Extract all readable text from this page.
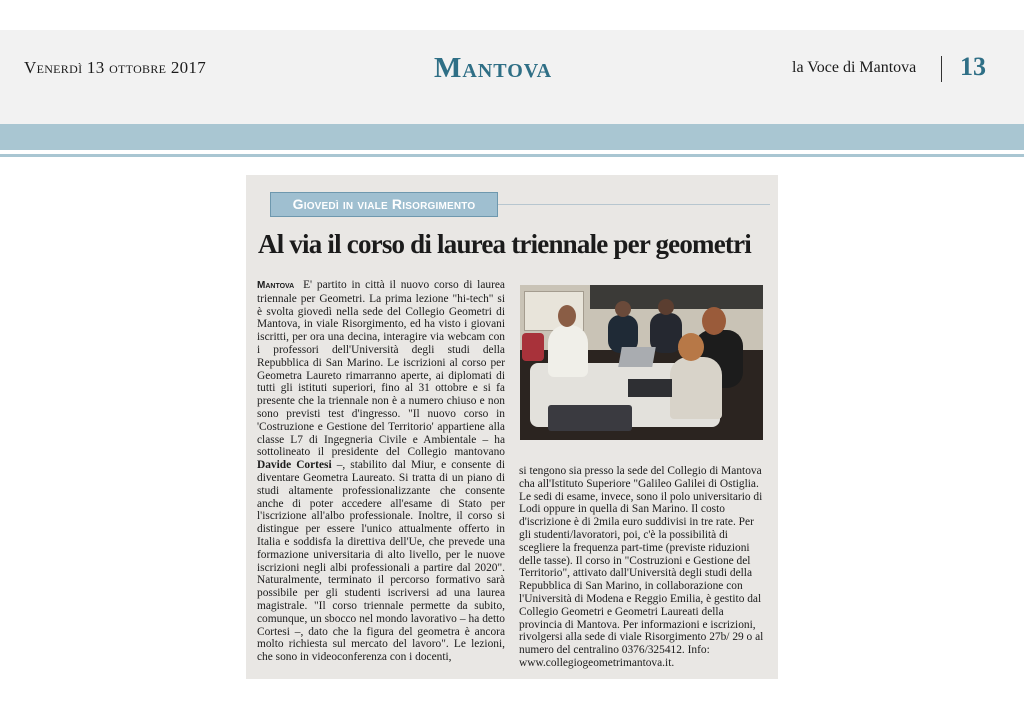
Venerdì 13 ottobre 2017	Mantova	la Voce di Mantova 13
Giovedì in viale Risorgimento
Al via il corso di laurea triennale per geometri
Mantova E' partito in città il nuovo corso di laurea triennale per Geometri. La prima lezione "hi-tech" si è svolta giovedì nella sede del Collegio Geometri di Mantova, in viale Risorgimento, ed ha visto i giovani iscritti, per ora una decina, interagire via webcam con i professori dell'Università degli studi della Repubblica di San Marino. Le iscrizioni al corso per Geometra Laureto rimarranno aperte, ai diplomati di tutti gli istituti superiori, fino al 31 ottobre e si fa presente che la triennale non è a numero chiuso e non sono previsti test d'ingresso. "Il nuovo corso in 'Costruzione e Gestione del Territorio' appartiene alla classe L7 di Ingegneria Civile e Ambientale – ha sottolineato il presidente del Collegio mantovano Davide Cortesi –, stabilito dal Miur, e consente di diventare Geometra Laureato. Si tratta di un piano di studi altamente professionalizzante che consente anche di poter accedere all'esame di Stato per l'iscrizione all'albo professionale. Inoltre, il corso si distingue per essere l'unico attualmente offerto in Italia e soddisfa la direttiva dell'Ue, che prevede una formazione universitaria di alto livello, per le nuove iscrizioni negli albi professionali a partire dal 2020". Naturalmente, terminato il percorso formativo sarà possibile per gli studenti iscriversi ad una laurea magistrale. "Il corso triennale permette da subito, comunque, un sbocco nel mondo lavorativo – ha detto Cortesi –, dato che la figura del geometra è ancora molto richiesta sul mercato del lavoro". Le lezioni, che sono in videoconferenza con i docenti,
si tengono sia presso la sede del Collegio di Mantova cha all'Istituto Superiore "Galileo Galilei di Ostiglia. Le sedi di esame, invece, sono il polo universitario di Lodi oppure in quella di San Marino. Il costo d'iscrizione è di 2mila euro suddivisi in tre rate. Per gli studenti/lavoratori, poi, c'è la possibilità di scegliere la frequenza part-time (previste riduzioni delle tasse). Il corso in "Costruzioni e Gestione del Territorio", attivato dall'Università degli studi della Repubblica di San Marino, in collaborazione con l'Università di Modena e Reggio Emilia, è gestito dal Collegio Geometri e Geometri Laureati della provincia di Mantova. Per informazioni e iscrizioni, rivolgersi alla sede di viale Risorgimento 27b/ 29 o al numero del centralino 0376/325412. Info: www.collegiogeometrimantova.it.
